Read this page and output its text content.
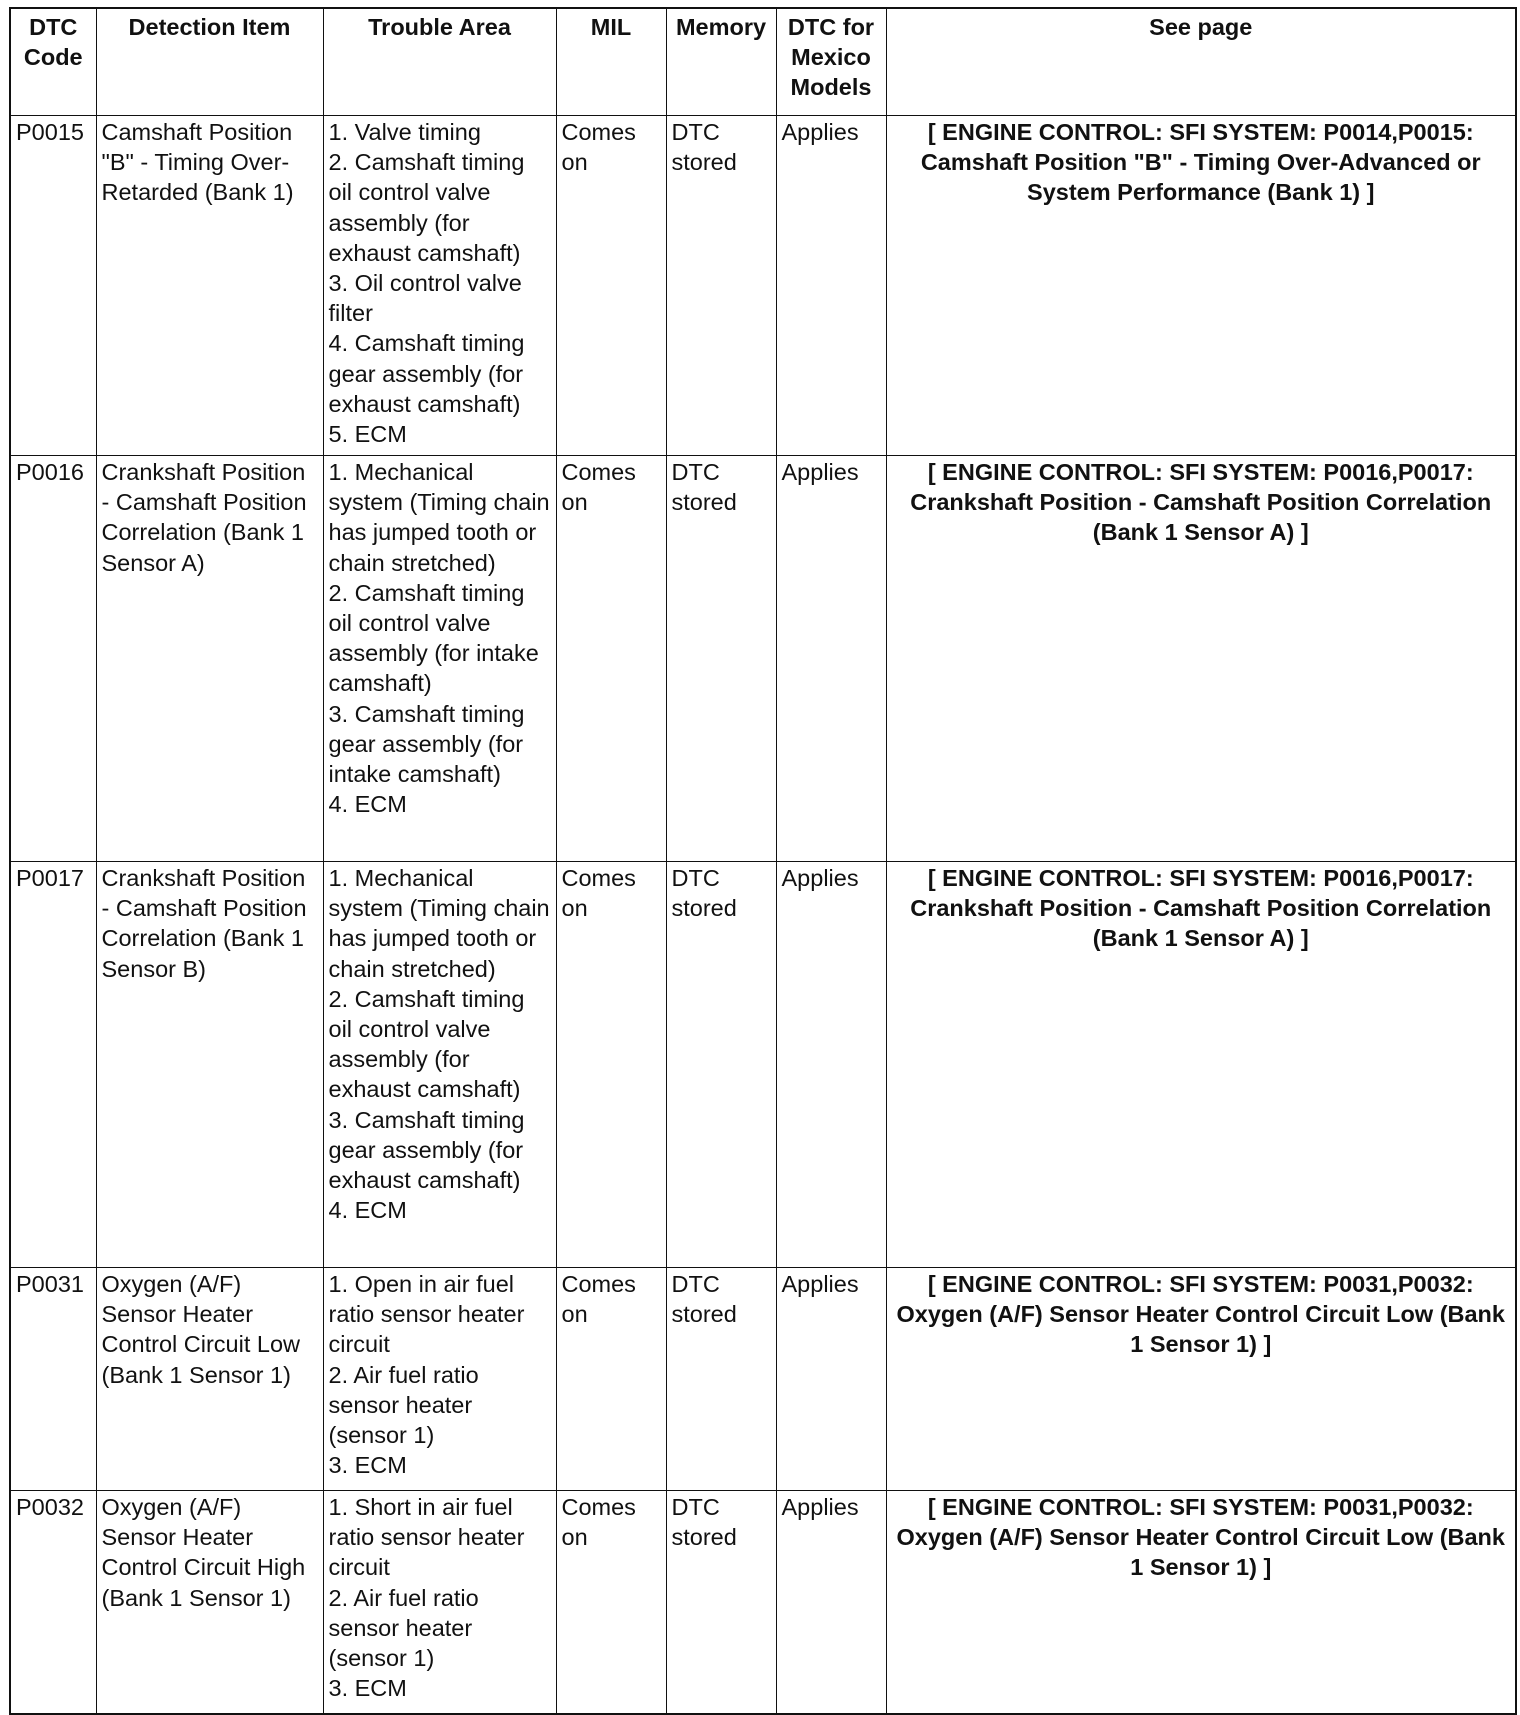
DTC Code	Detection Item	Trouble Area	MIL	Memory	DTC for Mexico Models	See page
P0015	Camshaft Position "B" - Timing Over-Retarded (Bank 1)	1. Valve timing
2. Camshaft timing oil control valve assembly (for exhaust camshaft)
3. Oil control valve filter
4. Camshaft timing gear assembly (for exhaust camshaft)
5. ECM	Comes on	DTC stored	Applies	[ ENGINE CONTROL: SFI SYSTEM: P0014,P0015: Camshaft Position "B" - Timing Over-Advanced or System Performance (Bank 1) ]
P0016	Crankshaft Position - Camshaft Position Correlation (Bank 1 Sensor A)	1. Mechanical system (Timing chain has jumped tooth or chain stretched)
2. Camshaft timing oil control valve assembly (for intake camshaft)
3. Camshaft timing gear assembly (for intake camshaft)
4. ECM	Comes on	DTC stored	Applies	[ ENGINE CONTROL: SFI SYSTEM: P0016,P0017: Crankshaft Position - Camshaft Position Correlation (Bank 1 Sensor A) ]
P0017	Crankshaft Position - Camshaft Position Correlation (Bank 1 Sensor B)	1. Mechanical system (Timing chain has jumped tooth or chain stretched)
2. Camshaft timing oil control valve assembly (for exhaust camshaft)
3. Camshaft timing gear assembly (for exhaust camshaft)
4. ECM	Comes on	DTC stored	Applies	[ ENGINE CONTROL: SFI SYSTEM: P0016,P0017: Crankshaft Position - Camshaft Position Correlation (Bank 1 Sensor A) ]
P0031	Oxygen (A/F) Sensor Heater Control Circuit Low (Bank 1 Sensor 1)	1. Open in air fuel ratio sensor heater circuit
2. Air fuel ratio sensor heater (sensor 1)
3. ECM	Comes on	DTC stored	Applies	[ ENGINE CONTROL: SFI SYSTEM: P0031,P0032: Oxygen (A/F) Sensor Heater Control Circuit Low (Bank 1 Sensor 1) ]
P0032	Oxygen (A/F) Sensor Heater Control Circuit High (Bank 1 Sensor 1)	1. Short in air fuel ratio sensor heater circuit
2. Air fuel ratio sensor heater (sensor 1)
3. ECM	Comes on	DTC stored	Applies	[ ENGINE CONTROL: SFI SYSTEM: P0031,P0032: Oxygen (A/F) Sensor Heater Control Circuit Low (Bank 1 Sensor 1) ]
